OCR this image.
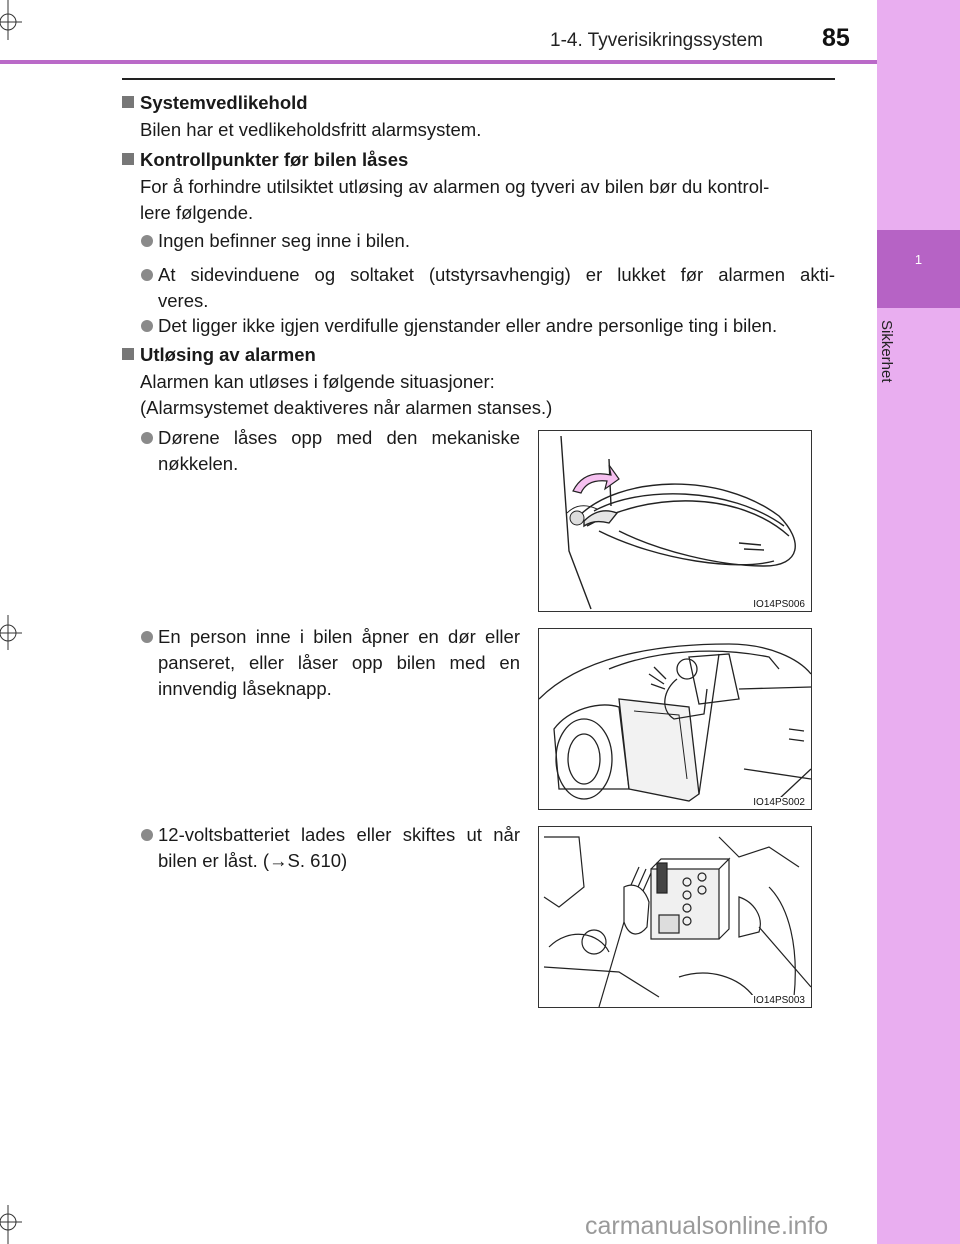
1
Sikkerhet
1-4. Tyverisikringssystem 85
Systemvedlikehold
Bilen har et vedlikeholdsfritt alarmsystem.
Kontrollpunkter før bilen låses
For å forhindre utilsiktet utløsing av alarmen og tyveri av bilen bør du kontrol-
lere følgende.
Ingen befinner seg inne i bilen.
At sidevinduene og soltaket (utstyrsavhengig) er lukket før alarmen akti-
veres.
Det ligger ikke igjen verdifulle gjenstander eller andre personlige ting i bilen.
Utløsing av alarmen
Alarmen kan utløses i følgende situasjoner:
(Alarmsystemet deaktiveres når alarmen stanses.)
Dørene låses opp med den mekaniske
nøkkelen.
IO14PS006
En person inne i bilen åpner en dør eller
panseret, eller låser opp bilen med en
innvendig låseknapp.
IO14PS002
12-voltsbatteriet lades eller skiftes ut når
bilen er låst. (→S. 610)
IO14PS003
carmanualsonline.info
